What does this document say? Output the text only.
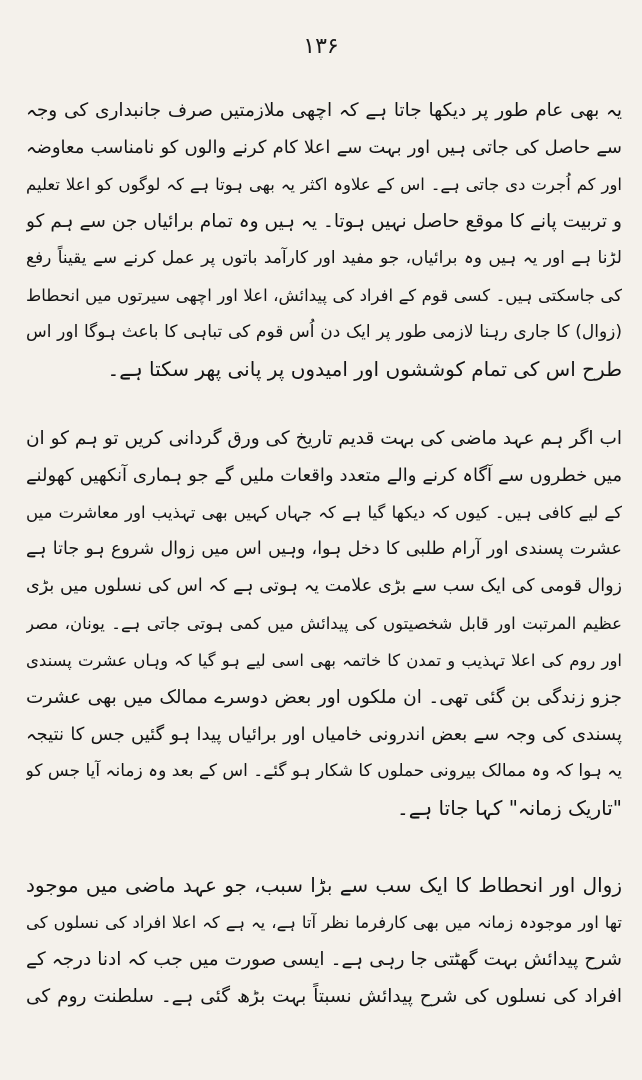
۱۳۶
یہ بھی عام طور پر دیکھا جاتا ہے کہ اچھی ملازمتیں صرف جانبداری کی وجہ
سے حاصل کی جاتی ہیں اور بہت سے اعلا کام کرنے والوں کو نامناسب معاوضہ
اور کم اُجرت دی جاتی ہے۔ اس کے علاوہ اکثر یہ بھی ہوتا ہے کہ لوگوں کو اعلا تعلیم
و تربیت پانے کا موقع حاصل نہیں ہوتا۔ یہ ہیں وہ تمام برائیاں جن سے ہم کو
لڑنا ہے اور یہ ہیں وہ برائیاں، جو مفید اور کارآمد باتوں پر عمل کرنے سے یقیناً رفع
کی جاسکتی ہیں۔ کسی قوم کے افراد کی پیدائش، اعلا اور اچھی سیرتوں میں انحطاط
(زوال) کا جاری رہنا لازمی طور پر ایک دن اُس قوم کی تباہی کا باعث ہوگا اور اس
طرح اس کی تمام کوششوں اور امیدوں پر پانی پھر سکتا ہے۔
اب اگر ہم عہد ماضی کی بہت قدیم تاریخ کی ورق گردانی کریں تو ہم کو ان
میں خطروں سے آگاہ کرنے والے متعدد واقعات ملیں گے جو ہماری آنکھیں کھولنے
کے لیے کافی ہیں۔ کیوں کہ دیکھا گیا ہے کہ جہاں کہیں بھی تہذیب اور معاشرت میں
عشرت پسندی اور آرام طلبی کا دخل ہوا، وہیں اس میں زوال شروع ہو جاتا ہے
زوال قومی کی ایک سب سے بڑی علامت یہ ہوتی ہے کہ اس کی نسلوں میں بڑی
عظیم المرتبت اور قابل شخصیتوں کی پیدائش میں کمی ہوتی جاتی ہے۔ یونان، مصر
اور روم کی اعلا تہذیب و تمدن کا خاتمہ بھی اسی لیے ہو گیا کہ وہاں عشرت پسندی
جزو زندگی بن گئی تھی۔ ان ملکوں اور بعض دوسرے ممالک میں بھی عشرت
پسندی کی وجہ سے بعض اندرونی خامیاں اور برائیاں پیدا ہو گئیں جس کا نتیجہ
یہ ہوا کہ وہ ممالک بیرونی حملوں کا شکار ہو گئے۔ اس کے بعد وہ زمانہ آیا جس کو
"تاریک زمانہ" کہا جاتا ہے۔
زوال اور انحطاط کا ایک سب سے بڑا سبب، جو عہد ماضی میں موجود
تھا اور موجودہ زمانہ میں بھی کارفرما نظر آتا ہے، یہ ہے کہ اعلا افراد کی نسلوں کی
شرح پیدائش بہت گھٹتی جا رہی ہے۔ ایسی صورت میں جب کہ ادنا درجہ کے
افراد کی نسلوں کی شرح پیدائش نسبتاً بہت بڑھ گئی ہے۔ سلطنت روم کی
